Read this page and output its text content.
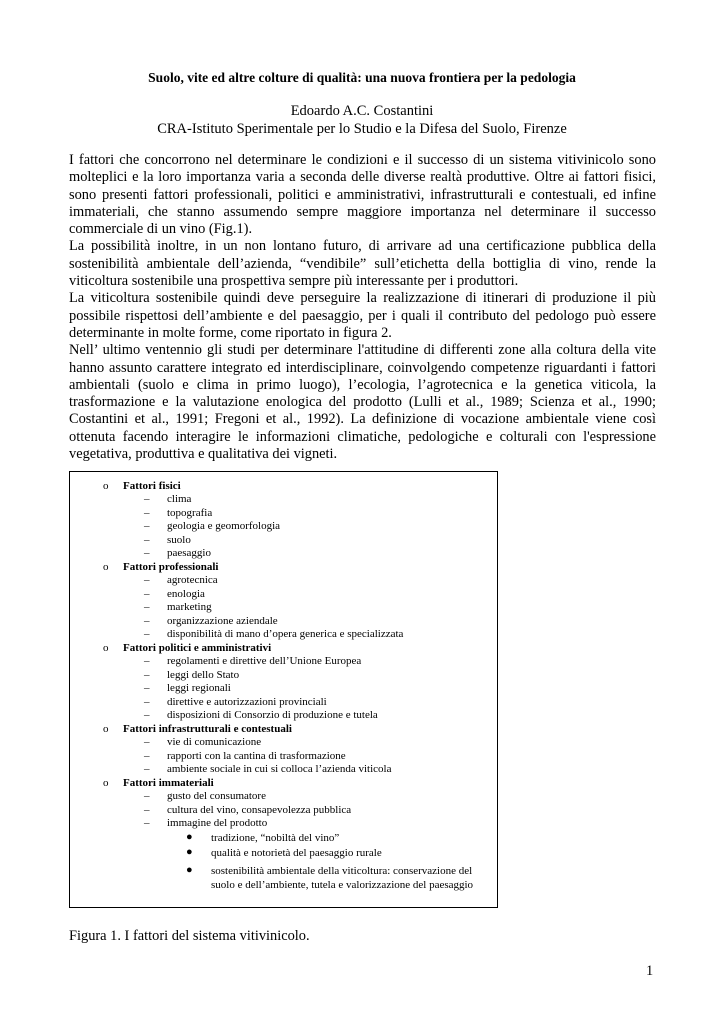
Suolo, vite ed altre colture di qualità: una nuova frontiera per la pedologia
Edoardo A.C. Costantini
CRA-Istituto Sperimentale per lo Studio e la Difesa del Suolo, Firenze

I fattori che concorrono nel determinare le condizioni e il successo di un sistema vitivinicolo sono molteplici e la loro importanza varia a seconda delle diverse realtà produttive. Oltre ai fattori fisici, sono presenti fattori professionali, politici e amministrativi, infrastrutturali e contestuali, ed infine immateriali, che stanno assumendo sempre maggiore importanza nel determinare il successo commerciale di un vino (Fig.1).

La possibilità inoltre, in un non lontano futuro, di arrivare ad una certificazione pubblica della sostenibilità ambientale dell’azienda, “vendibile” sull’etichetta della bottiglia di vino, rende la viticoltura sostenibile una prospettiva sempre più interessante per i produttori.

La viticoltura sostenibile quindi deve perseguire la realizzazione di itinerari di produzione il più possibile rispettosi dell’ambiente e del paesaggio, per i quali il contributo del pedologo può essere determinante in molte forme, come riportato in figura 2.

Nell’ ultimo ventennio gli studi per determinare l'attitudine di differenti zone alla coltura della vite hanno assunto carattere integrato ed interdisciplinare, coinvolgendo competenze riguardanti i fattori ambientali (suolo e clima in primo luogo), l’ecologia, l’agrotecnica e la genetica viticola, la trasformazione e la valutazione enologica del prodotto (Lulli et al., 1989; Scienza et al., 1990; Costantini et al., 1991; Fregoni et al., 1992). La definizione di vocazione ambientale viene così ottenuta facendo interagire le informazioni climatiche, pedologiche e colturali con l'espressione vegetativa, produttiva e qualitativa dei vigneti.

o Fattori fisici
– clima
– topografia
– geologia e geomorfologia
– suolo
– paesaggio
o Fattori professionali
– agrotecnica
– enologia
– marketing
– organizzazione aziendale
– disponibilità di mano d’opera generica e specializzata
o Fattori politici e amministrativi
– regolamenti e direttive dell’Unione Europea
– leggi dello Stato
– leggi regionali
– direttive e autorizzazioni provinciali
– disposizioni di Consorzio di produzione e tutela
o Fattori infrastrutturali e contestuali
– vie di comunicazione
– rapporti con la cantina di trasformazione
– ambiente sociale in cui si colloca l’azienda viticola
o Fattori immateriali
– gusto del consumatore
– cultura del vino, consapevolezza pubblica
– immagine del prodotto
● tradizione, “nobiltà del vino”
● qualità e notorietà del paesaggio rurale
● sostenibilità ambientale della viticoltura: conservazione del
suolo e dell’ambiente, tutela e valorizzazione del paesaggio
Figura 1. I fattori del sistema vitivinicolo.
1
